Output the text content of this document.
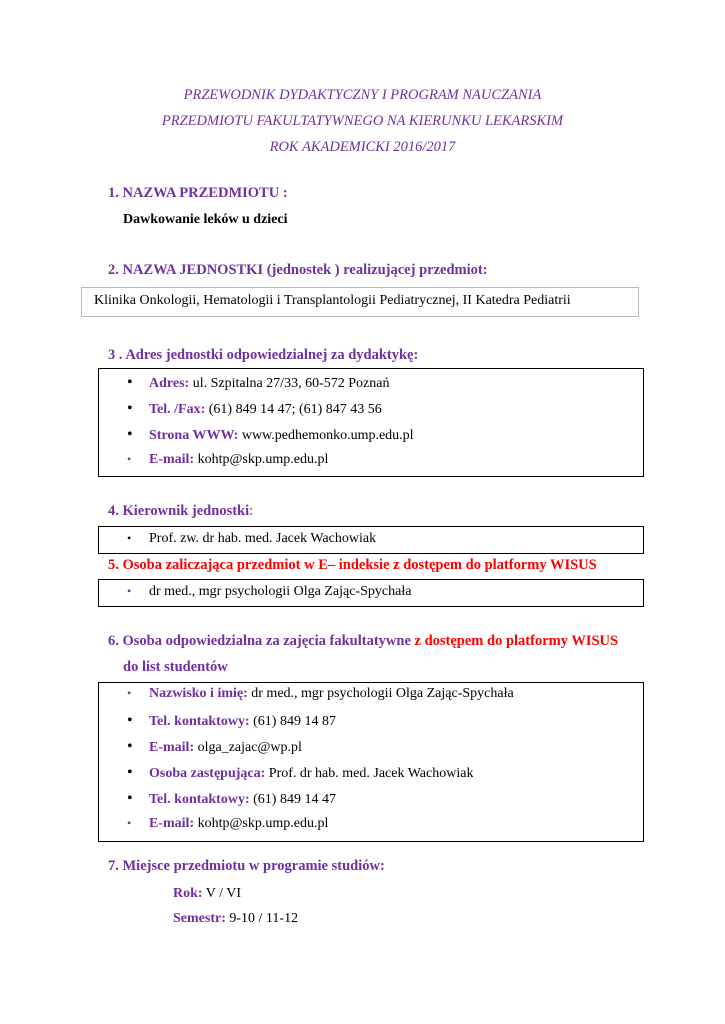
PRZEWODNIK DYDAKTYCZNY I PROGRAM NAUCZANIA
PRZEDMIOTU FAKULTATYWNEGO NA KIERUNKU LEKARSKIM
ROK AKADEMICKI 2016/2017
1. NAZWA PRZEDMIOTU :
Dawkowanie leków u dzieci
2. NAZWA JEDNOSTKI (jednostek ) realizującej przedmiot:
Klinika Onkologii, Hematologii i Transplantologii Pediatrycznej, II Katedra Pediatrii
3 . Adres jednostki odpowiedzialnej za dydaktykę:
•Adres: ul. Szpitalna 27/33, 60-572 Poznań
•Tel. /Fax: (61) 849 14 47; (61) 847 43 56
•Strona WWW: www.pedhemonko.ump.edu.pl
•E-mail: kohtp@skp.ump.edu.pl
4. Kierownik jednostki:
•Prof. zw. dr hab. med. Jacek Wachowiak
5. Osoba zaliczająca przedmiot w E– indeksie z dostępem do platformy WISUS
•dr med., mgr psychologii Olga Zając-Spychała
6. Osoba odpowiedzialna za zajęcia fakultatywne z dostępem do platformy WISUS
do list studentów
•Nazwisko i imię: dr med., mgr psychologii Olga Zając-Spychała
•Tel. kontaktowy: (61) 849 14 87
•E-mail: olga_zajac@wp.pl
•Osoba zastępująca: Prof. dr hab. med. Jacek Wachowiak
•Tel. kontaktowy: (61) 849 14 47
•E-mail: kohtp@skp.ump.edu.pl
7. Miejsce przedmiotu w programie studiów:
Rok: V / VI
Semestr: 9-10 / 11-12
